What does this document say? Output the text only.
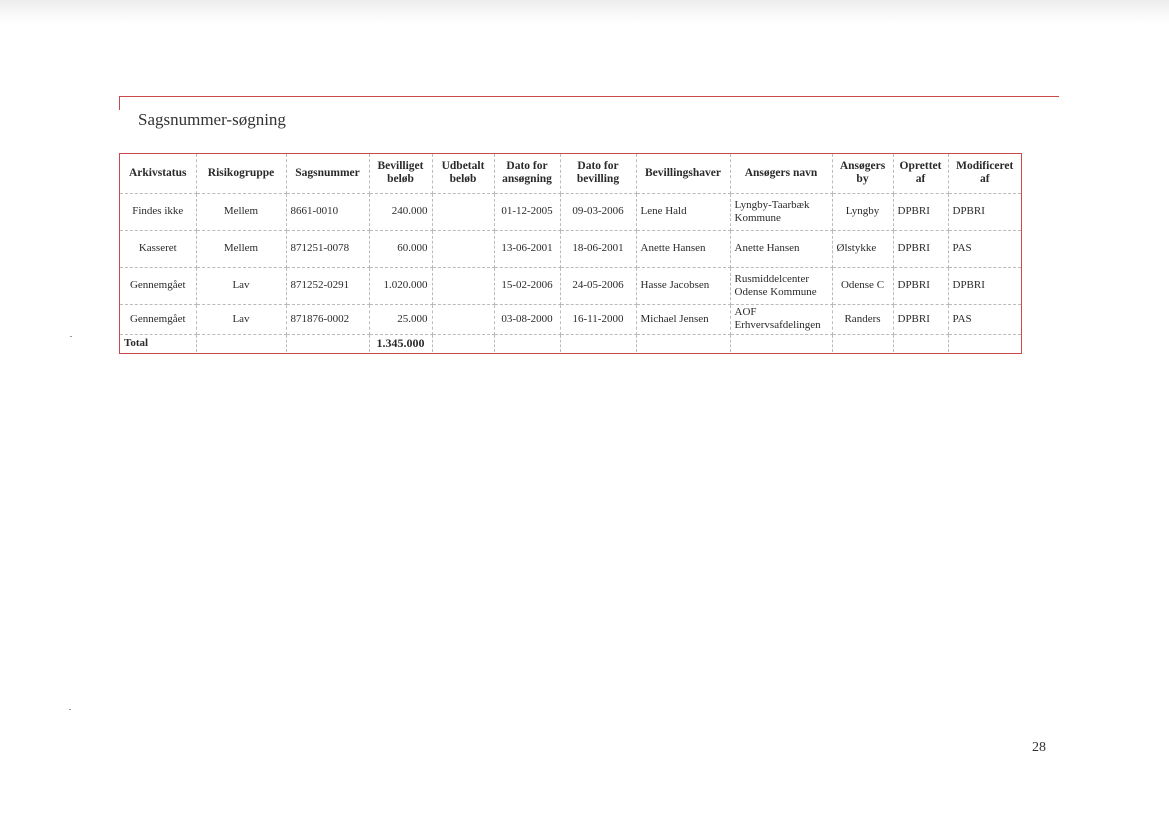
Sagsnummer-søgning
Arkivstatus	Risikogruppe	Sagsnummer	Bevilliget beløb	Udbetalt beløb	Dato for ansøgning	Dato for bevilling	Bevillingshaver	Ansøgers navn	Ansøgers by	Oprettet af	Modificeret af
Findes ikke	Mellem	8661-0010	240.000		01-12-2005	09-03-2006	Lene Hald	Lyngby-Taarbæk Kommune	Lyngby	DPBRI	DPBRI
Kasseret	Mellem	871251-0078	60.000		13-06-2001	18-06-2001	Anette Hansen	Anette Hansen	Ølstykke	DPBRI	PAS
Gennemgået	Lav	871252-0291	1.020.000		15-02-2006	24-05-2006	Hasse Jacobsen	Rusmiddelcenter Odense Kommune	Odense C	DPBRI	DPBRI
Gennemgået	Lav	871876-0002	25.000		03-08-2000	16-11-2000	Michael Jensen	AOF Erhvervsafdelingen	Randers	DPBRI	PAS
Total			1.345.000								
28
